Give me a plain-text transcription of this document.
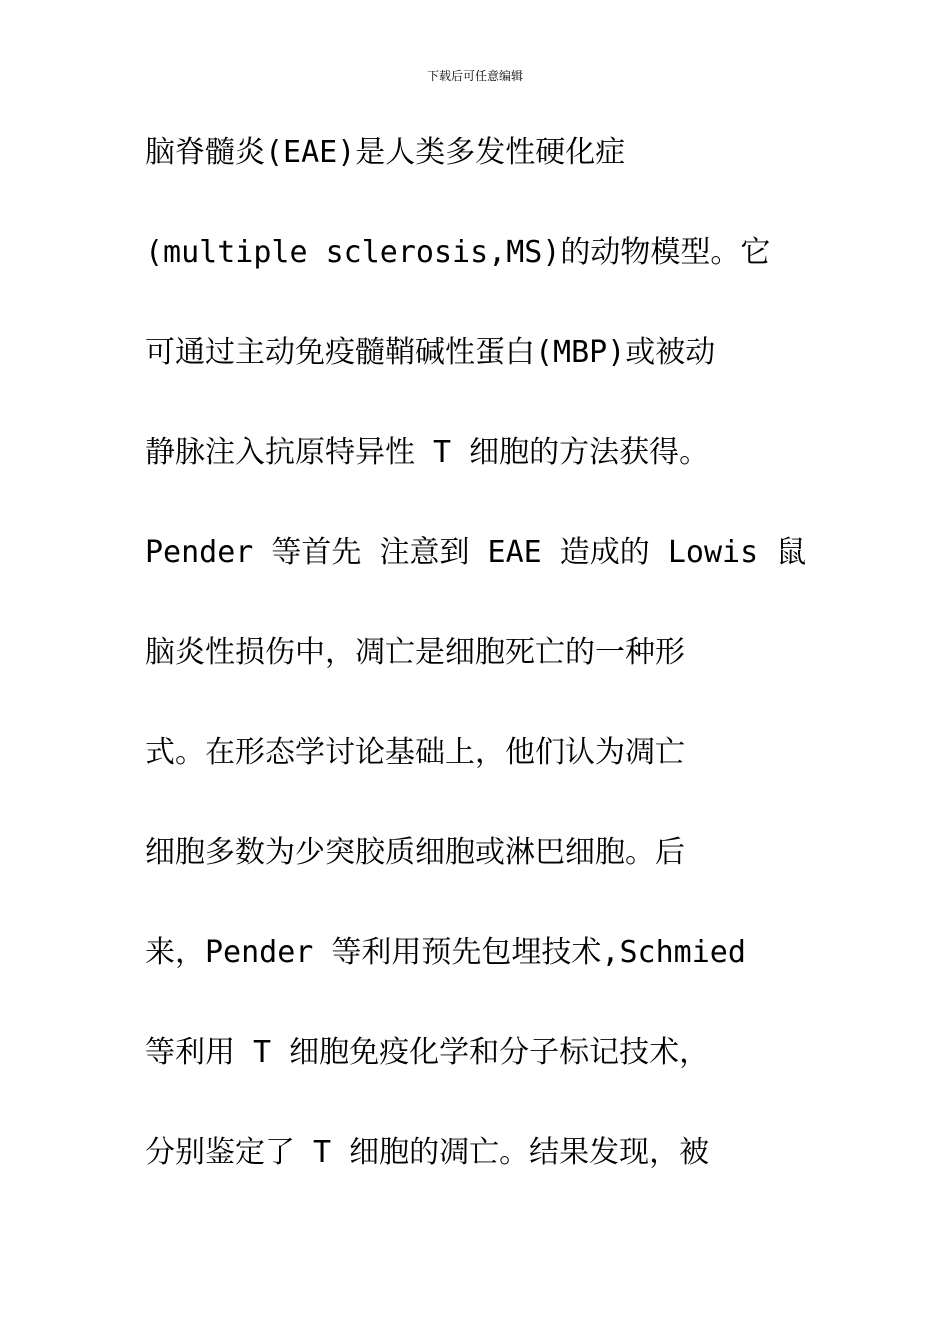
下载后可任意编辑
脑脊髓炎(EAE)是人类多发性硬化症
(multiple sclerosis,MS)的动物模型。它
可通过主动免疫髓鞘碱性蛋白(MBP)或被动
静脉注入抗原特异性 T 细胞的方法获得。
Pender 等首先 注意到 EAE 造成的 Lowis 鼠
脑炎性损伤中，凋亡是细胞死亡的一种形
式。在形态学讨论基础上，他们认为凋亡
细胞多数为少突胶质细胞或淋巴细胞。后
来，Pender 等利用预先包埋技术,Schmied
等利用 T 细胞免疫化学和分子标记技术，
分别鉴定了 T 细胞的凋亡。结果发现，被
